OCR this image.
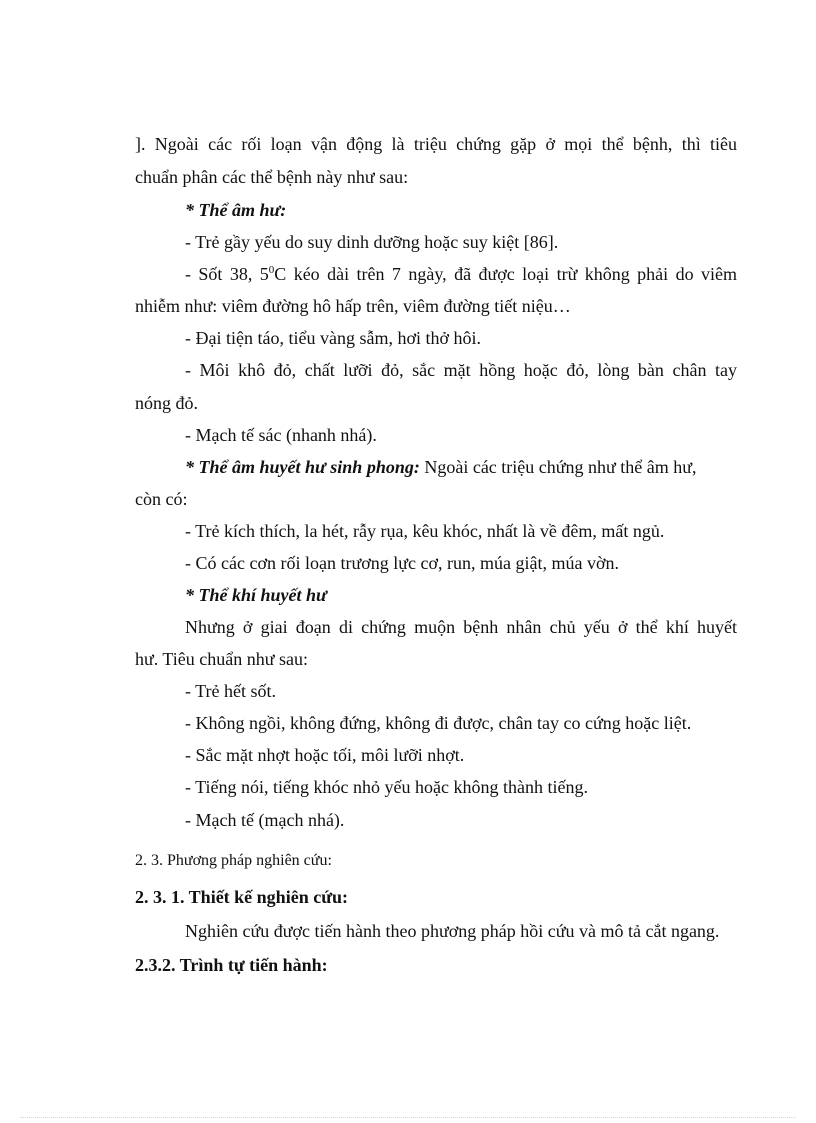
]. Ngoài các rối loạn vận động là triệu chứng gặp ở mọi thể bệnh, thì tiêu
chuẩn phân các thể bệnh này như sau:
* Thể âm hư:
- Trẻ gầy yếu do suy dinh dưỡng hoặc suy kiệt [86].
- Sốt 38, $5^0C$ kéo dài trên 7 ngày, đã được loại trừ không phải do viêm
nhiễm như: viêm đường hô hấp trên, viêm đường tiết niệu…
- Đại tiện táo, tiểu vàng sẫm, hơi thở hôi.
- Môi khô đỏ, chất lưỡi đỏ, sắc mặt hồng hoặc đỏ, lòng bàn chân tay
nóng đỏ.
- Mạch tế sác (nhanh nhá).
* Thể âm huyết hư sinh phong: Ngoài các triệu chứng như thể âm hư,
còn có:
- Trẻ kích thích, la hét, rẫy rụa, kêu khóc, nhất là về đêm, mất ngủ.
- Có các cơn rối loạn trương lực cơ, run, múa giật, múa vờn.
* Thể khí huyết hư
Nhưng ở giai đoạn di chứng muộn bệnh nhân chủ yếu ở thể khí huyết
hư. Tiêu chuẩn như sau:
- Trẻ hết sốt.
- Không ngồi, không đứng, không đi được, chân tay co cứng hoặc liệt.
- Sắc mặt nhợt hoặc tối, môi lưỡi nhợt.
- Tiếng nói, tiếng khóc nhỏ yếu hoặc không thành tiếng.
- Mạch tế (mạch nhá).
2. 3. Phương pháp nghiên cứu:
2. 3. 1. Thiết kế nghiên cứu:
Nghiên cứu được tiến hành theo phương pháp hồi cứu và mô tả cắt ngang.
2.3.2. Trình tự tiến hành:
